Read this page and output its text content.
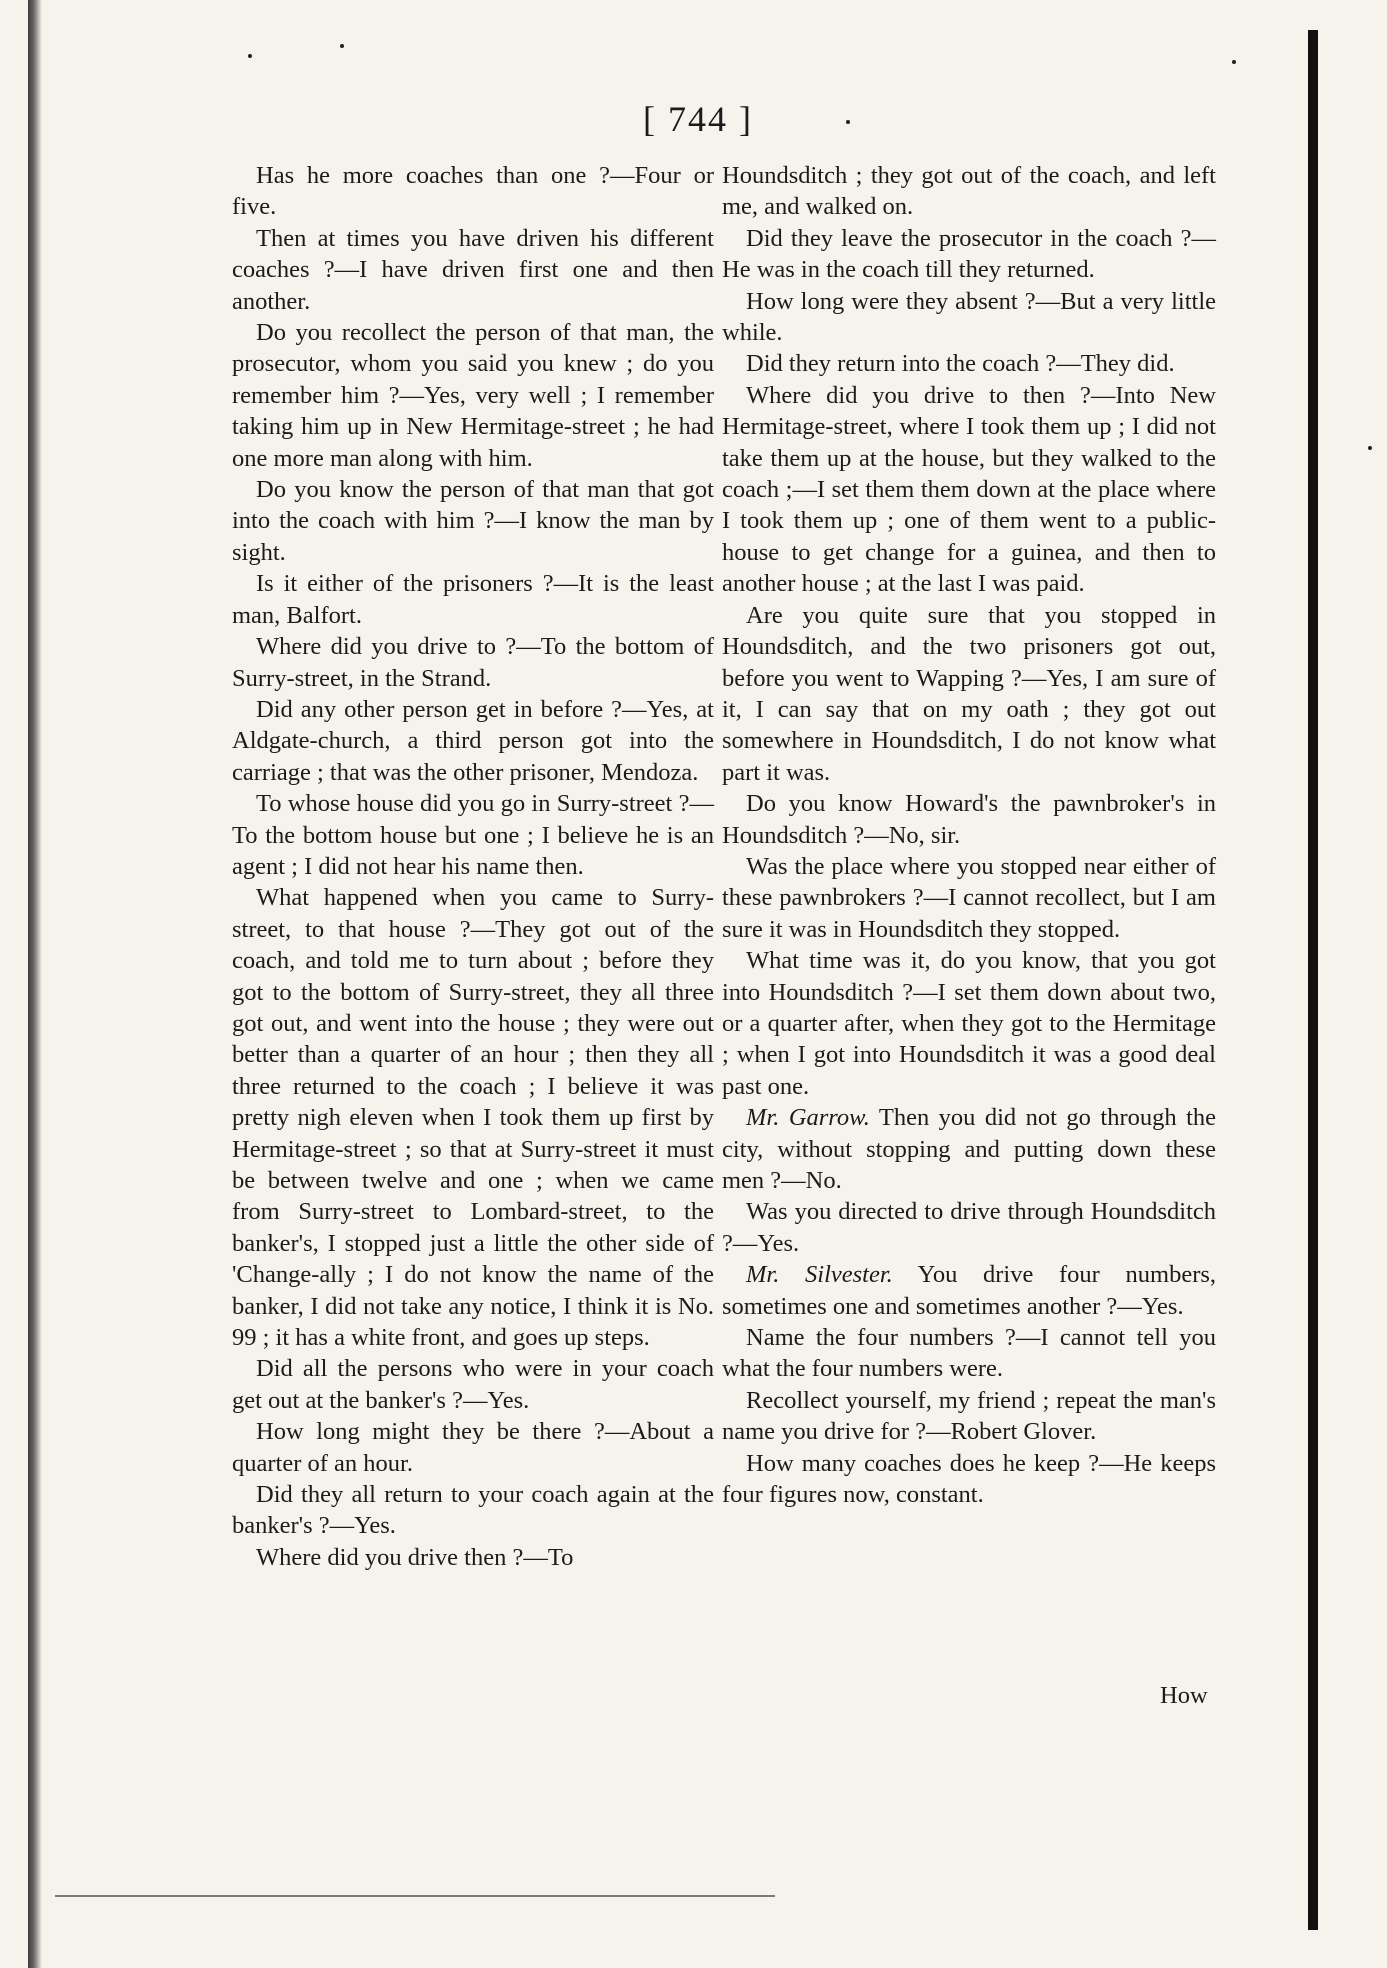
[ 744 ]

Has he more coaches than one ?—Four or five.

Then at times you have driven his different coaches ?—I have driven first one and then another.

Do you recollect the person of that man, the prosecutor, whom you said you knew ; do you remember him ?—Yes, very well ; I remember taking him up in New Hermitage-street ; he had one more man along with him.

Do you know the person of that man that got into the coach with him ?—I know the man by sight.

Is it either of the prisoners ?—It is the least man, Balfort.

Where did you drive to ?—To the bottom of Surry-street, in the Strand.

Did any other person get in before ?—Yes, at Aldgate-church, a third person got into the carriage ; that was the other prisoner, Mendoza.

To whose house did you go in Surry-street ?—To the bottom house but one ; I believe he is an agent ; I did not hear his name then.

What happened when you came to Surry-street, to that house ?—They got out of the coach, and told me to turn about ; before they got to the bottom of Surry-street, they all three got out, and went into the house ; they were out better than a quarter of an hour ; then they all three returned to the coach ; I believe it was pretty nigh eleven when I took them up first by Hermitage-street ; so that at Surry-street it must be between twelve and one ; when we came from Surry-street to Lombard-street, to the banker's, I stopped just a little the other side of 'Change-ally ; I do not know the name of the banker, I did not take any notice, I think it is No. 99 ; it has a white front, and goes up steps.

Did all the persons who were in your coach get out at the banker's ?—Yes.

How long might they be there ?—About a quarter of an hour.

Did they all return to your coach again at the banker's ?—Yes.

Where did you drive then ?—To

Houndsditch ; they got out of the coach, and left me, and walked on.

Did they leave the prosecutor in the coach ?—He was in the coach till they returned.

How long were they absent ?—But a very little while.

Did they return into the coach ?—They did.

Where did you drive to then ?—Into New Hermitage-street, where I took them up ; I did not take them up at the house, but they walked to the coach ;—I set them them down at the place where I took them up ; one of them went to a public-house to get change for a guinea, and then to another house ; at the last I was paid.

Are you quite sure that you stopped in Houndsditch, and the two prisoners got out, before you went to Wapping ?—Yes, I am sure of it, I can say that on my oath ; they got out somewhere in Houndsditch, I do not know what part it was.

Do you know Howard's the pawnbroker's in Houndsditch ?—No, sir.

Was the place where you stopped near either of these pawnbrokers ?—I cannot recollect, but I am sure it was in Houndsditch they stopped.

What time was it, do you know, that you got into Houndsditch ?—I set them down about two, or a quarter after, when they got to the Hermitage ; when I got into Houndsditch it was a good deal past one.

Mr. Garrow. Then you did not go through the city, without stopping and putting down these men ?—No.

Was you directed to drive through Houndsditch ?—Yes.

Mr. Silvester. You drive four numbers, sometimes one and sometimes another ?—Yes.

Name the four numbers ?—I cannot tell you what the four numbers were.

Recollect yourself, my friend ; repeat the man's name you drive for ?—Robert Glover.

How many coaches does he keep ?—He keeps four figures now, constant.

How
